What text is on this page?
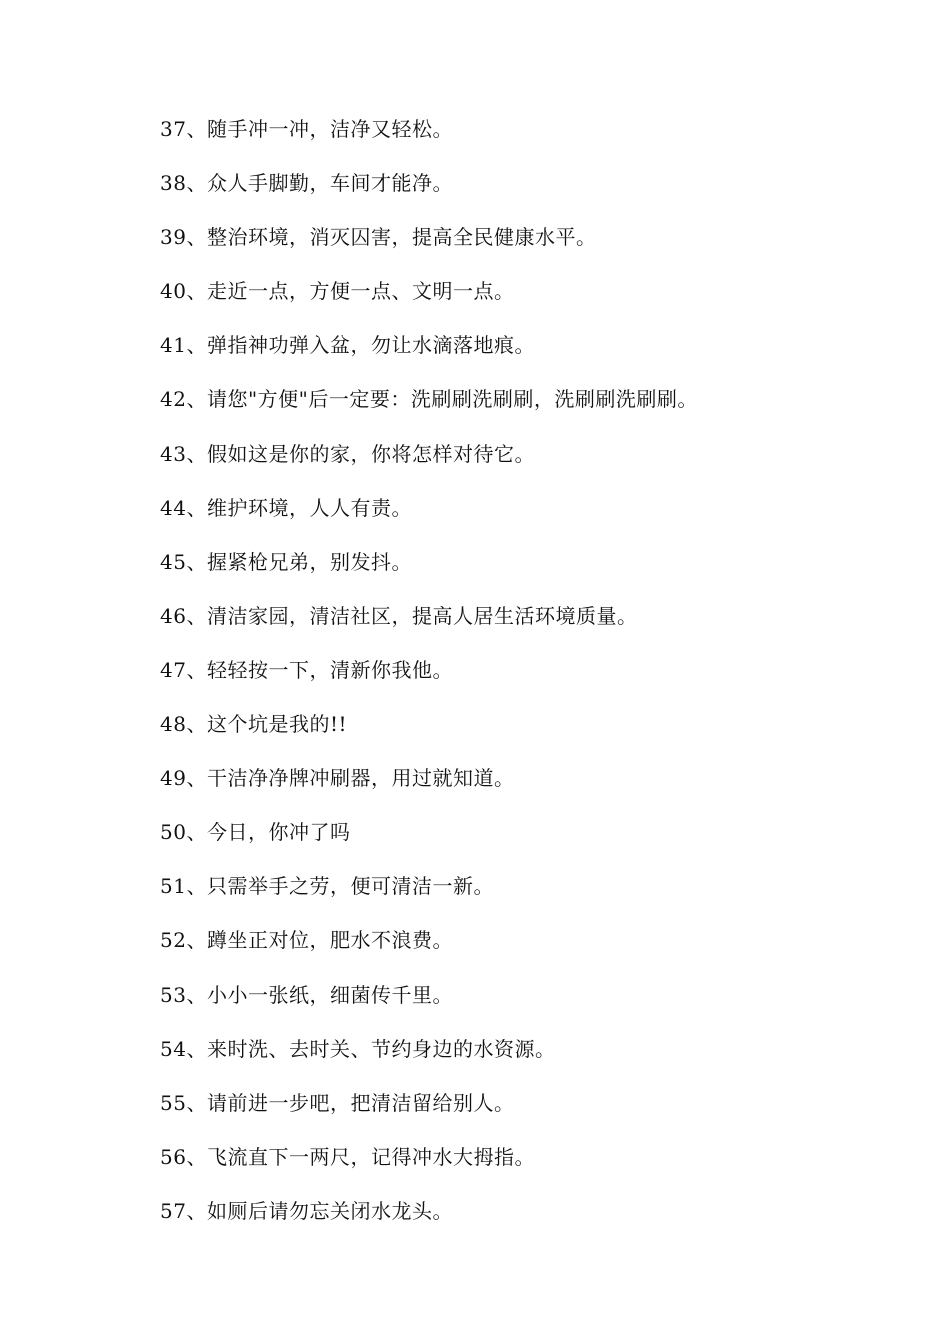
37、随手冲一冲，洁净又轻松。
38、众人手脚勤，车间才能净。
39、整治环境，消灭囚害，提高全民健康水平。
40、走近一点，方便一点、文明一点。
41、弹指神功弹入盆，勿让水滴落地痕。
42、请您"方便"后一定要：洗刷刷洗刷刷，洗刷刷洗刷刷。
43、假如这是你的家，你将怎样对待它。
44、维护环境，人人有责。
45、握紧枪兄弟，别发抖。
46、清洁家园，清洁社区，提高人居生活环境质量。
47、轻轻按一下，清新你我他。
48、这个坑是我的!!
49、干洁净净牌冲刷器，用过就知道。
50、今日，你冲了吗
51、只需举手之劳，便可清洁一新。
52、蹲坐正对位，肥水不浪费。
53、小小一张纸，细菌传千里。
54、来时洗、去时关、节约身边的水资源。
55、请前进一步吧，把清洁留给别人。
56、飞流直下一两尺，记得冲水大拇指。
57、如厕后请勿忘关闭水龙头。
